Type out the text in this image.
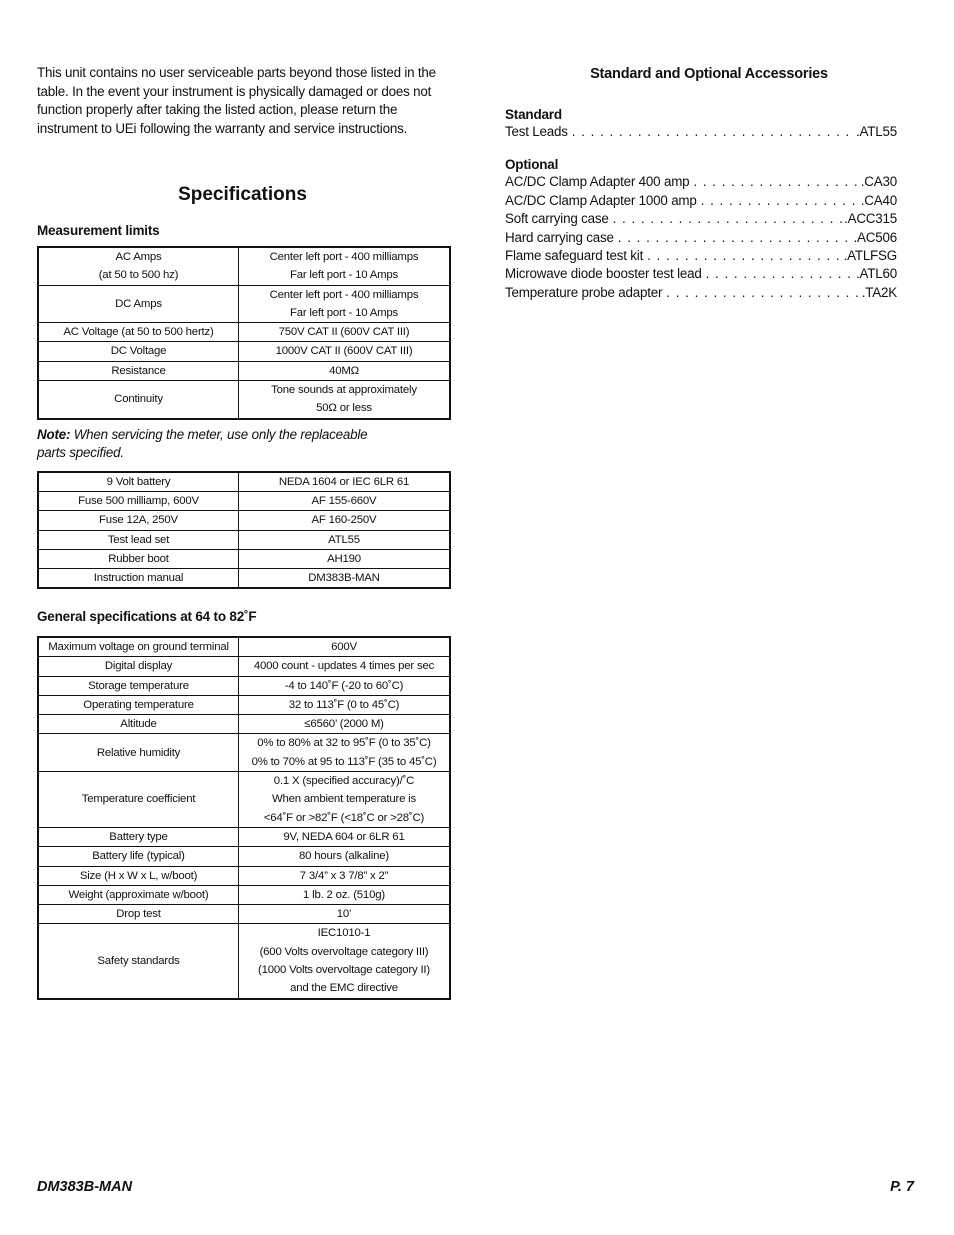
This unit contains no user serviceable parts beyond those listed in the table. In the event your instrument is physically damaged or does not function properly after taking the listed action, please return the instrument to UEi following the warranty and service instructions.

Specifications
Measurement limits
AC Amps
(at 50 to 500 hz)	Center left port - 400 milliamps
Far left port - 10 Amps

DC Amps	Center left port - 400 milliamps
Far left port - 10 Amps

AC Voltage (at 50 to 500 hertz)	750V CAT II (600V CAT III)

DC Voltage	1000V CAT II (600V CAT III)

Resistance	40MΩ

Continuity	Tone sounds at approximately
50Ω or less

Note: When servicing the meter, use only the replaceable parts specified.

9 Volt battery	NEDA 1604 or IEC 6LR 61

Fuse 500 milliamp, 600V	AF 155-660V

Fuse 12A, 250V	AF 160-250V

Test lead set	ATL55

Rubber boot	AH190

Instruction manual	DM383B-MAN
General specifications at 64 to 82˚F
Maximum voltage on ground terminal	600V

Digital display	4000 count - updates 4 times per sec

Storage temperature	-4 to 140˚F (-20 to 60˚C)

Operating temperature	32 to 113˚F (0 to 45˚C)

Altitude	≤6560’ (2000 M)

Relative humidity	0% to 80% at 32 to 95˚F (0 to 35˚C)
0% to 70% at 95 to 113˚F (35 to 45˚C)

Temperature coefficient	0.1 X (specified accuracy)/˚C
When ambient temperature is
<64˚F or >82˚F (<18˚C or >28˚C)

Battery type	9V, NEDA 604 or 6LR 61

Battery life (typical)	80 hours (alkaline)

Size (H x W x L, w/boot)	7 3/4” x 3 7/8” x 2”

Weight (approximate w/boot)	1 lb. 2 oz. (510g)

Drop test	10’

Safety standards	IEC1010-1
(600 Volts overvoltage category III)
(1000 Volts overvoltage category II)
and the EMC directive
Standard and Optional Accessories
Standard
Test Leads . . .	.ATL55
Optional
AC/DC Clamp Adapter 400 amp . . .	.CA30
AC/DC Clamp Adapter 1000 amp . . .	.CA40
Soft carrying case . . .	.ACC315
Hard carrying case . . .	.AC506
Flame safeguard test kit . . .	.ATLFSG
Microwave diode booster test lead . . .	.ATL60
Temperature probe adapter . . .	.TA2K
DM383B-MAN	P. 7
